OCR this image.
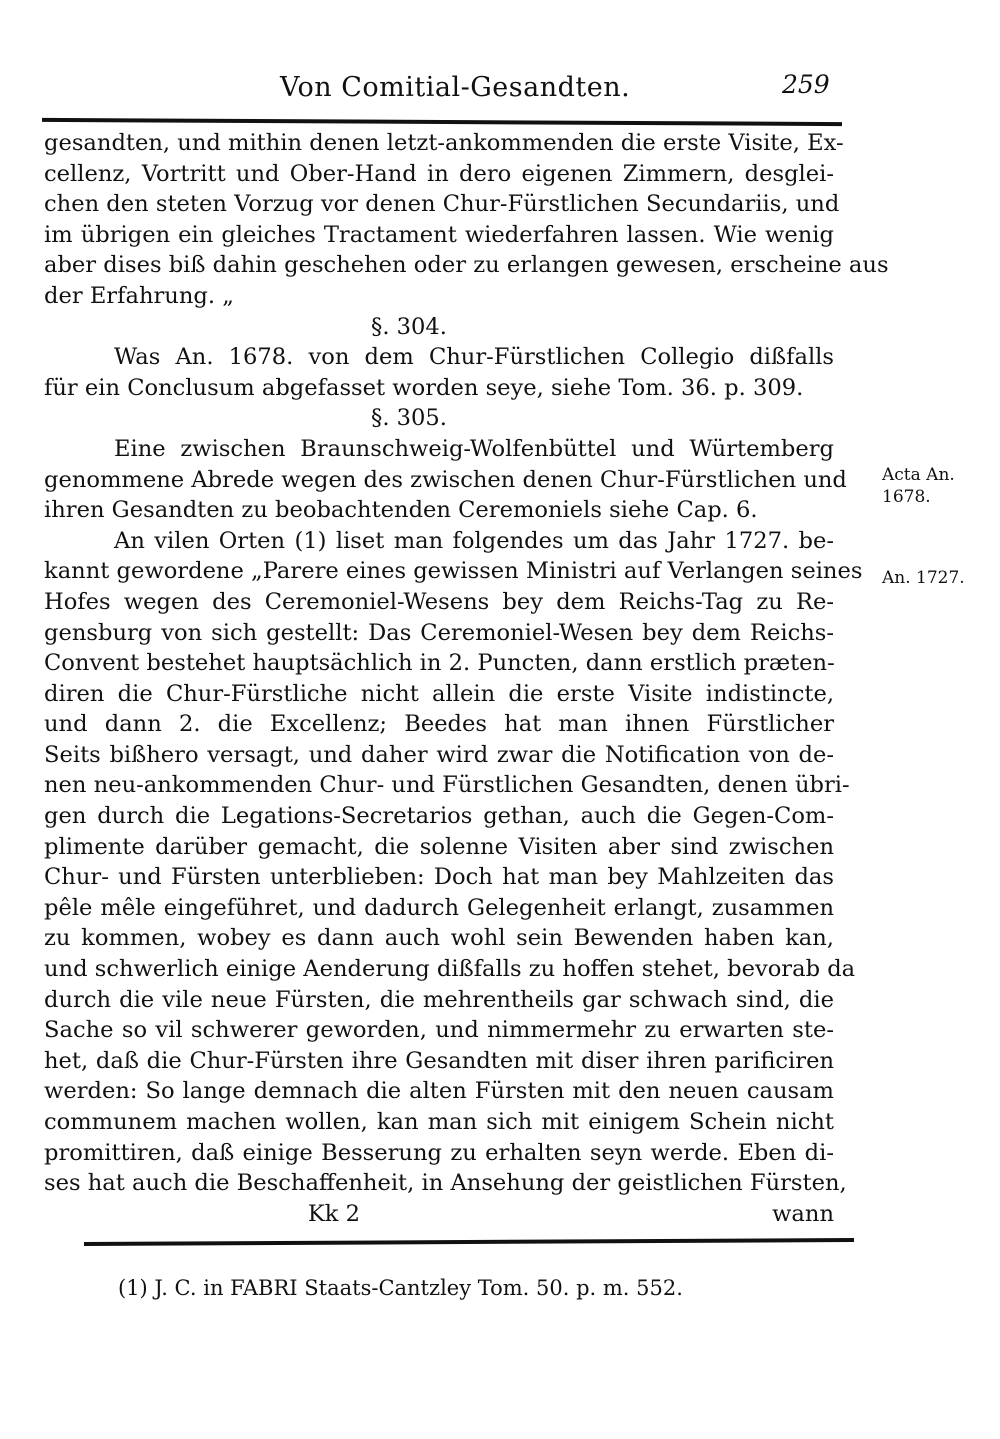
Von Comitial-Gesandten.	259
gesandten, und mithin denen letzt-ankommenden die erste Visite, Ex-
cellenz, Vortritt und Ober-Hand in dero eigenen Zimmern, desglei-
chen den steten Vorzug vor denen Chur-Fürstlichen Secundariis, und
im übrigen ein gleiches Tractament wiederfahren lassen. Wie wenig
aber dises biß dahin geschehen oder zu erlangen gewesen, erscheine aus
der Erfahrung. „
§. 304.
Was An. 1678. von dem Chur-Fürstlichen Collegio dißfalls
für ein Conclusum abgefasset worden seye, siehe Tom. 36. p. 309.
§. 305.
Eine zwischen Braunschweig-Wolfenbüttel und Würtemberg
genommene Abrede wegen des zwischen denen Chur-Fürstlichen und
ihren Gesandten zu beobachtenden Ceremoniels siehe Cap. 6.
An vilen Orten (1) liset man folgendes um das Jahr 1727. be-
kannt gewordene „Parere eines gewissen Ministri auf Verlangen seines
Hofes wegen des Ceremoniel-Wesens bey dem Reichs-Tag zu Re-
gensburg von sich gestellt: Das Ceremoniel-Wesen bey dem Reichs-
Convent bestehet hauptsächlich in 2. Puncten, dann erstlich præten-
diren die Chur-Fürstliche nicht allein die erste Visite indistincte,
und dann 2. die Excellenz; Beedes hat man ihnen Fürstlicher
Seits bißhero versagt, und daher wird zwar die Notification von de-
nen neu-ankommenden Chur- und Fürstlichen Gesandten, denen übri-
gen durch die Legations-Secretarios gethan, auch die Gegen-Com-
plimente darüber gemacht, die solenne Visiten aber sind zwischen
Chur- und Fürsten unterblieben: Doch hat man bey Mahlzeiten das
pêle mêle eingeführet, und dadurch Gelegenheit erlangt, zusammen
zu kommen, wobey es dann auch wohl sein Bewenden haben kan,
und schwerlich einige Aenderung dißfalls zu hoffen stehet, bevorab da
durch die vile neue Fürsten, die mehrentheils gar schwach sind, die
Sache so vil schwerer geworden, und nimmermehr zu erwarten ste-
het, daß die Chur-Fürsten ihre Gesandten mit diser ihren parificiren
werden: So lange demnach die alten Fürsten mit den neuen causam
communem machen wollen, kan man sich mit einigem Schein nicht
promittiren, daß einige Besserung zu erhalten seyn werde. Eben di-
ses hat auch die Beschaffenheit, in Ansehung der geistlichen Fürsten,
Kk 2	wann
Acta An. 1678.
An. 1727.
(1) J. C. in FABRI Staats-Cantzley Tom. 50. p. m. 552.
